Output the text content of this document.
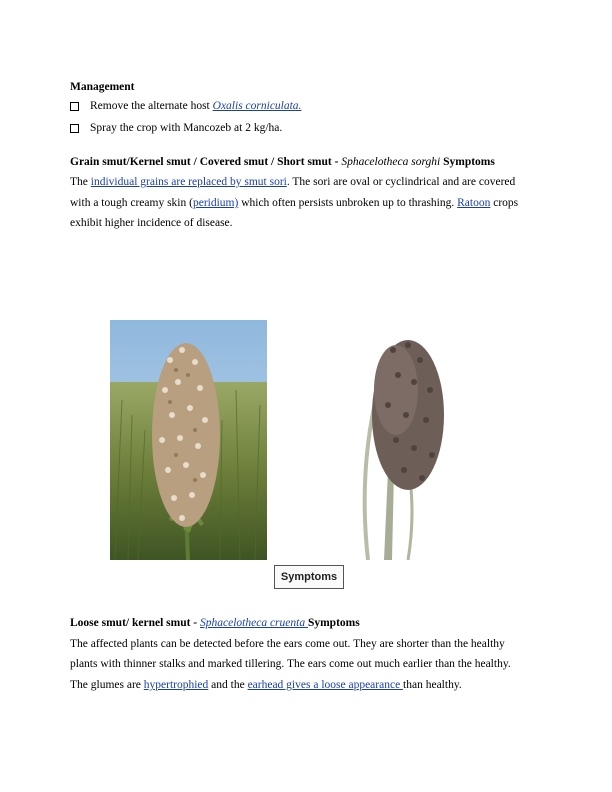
Management
Remove the alternate host Oxalis corniculata.
Spray the crop with Mancozeb at 2 kg/ha.
Grain smut/Kernel smut / Covered smut / Short smut - Sphacelotheca sorghi Symptoms
The individual grains are replaced by smut sori. The sori are oval or cyclindrical and are covered
with a tough creamy skin (peridium) which often persists unbroken up to thrashing. Ratoon crops
exhibit higher incidence of disease.
Symptoms
Loose smut/ kernel smut - Sphacelotheca cruenta Symptoms
The affected plants can be detected before the ears come out. They are shorter than the healthy
plants with thinner stalks and marked tillering. The ears come out much earlier than the healthy.
The glumes are hypertrophied and the earhead gives a loose appearance than healthy.
